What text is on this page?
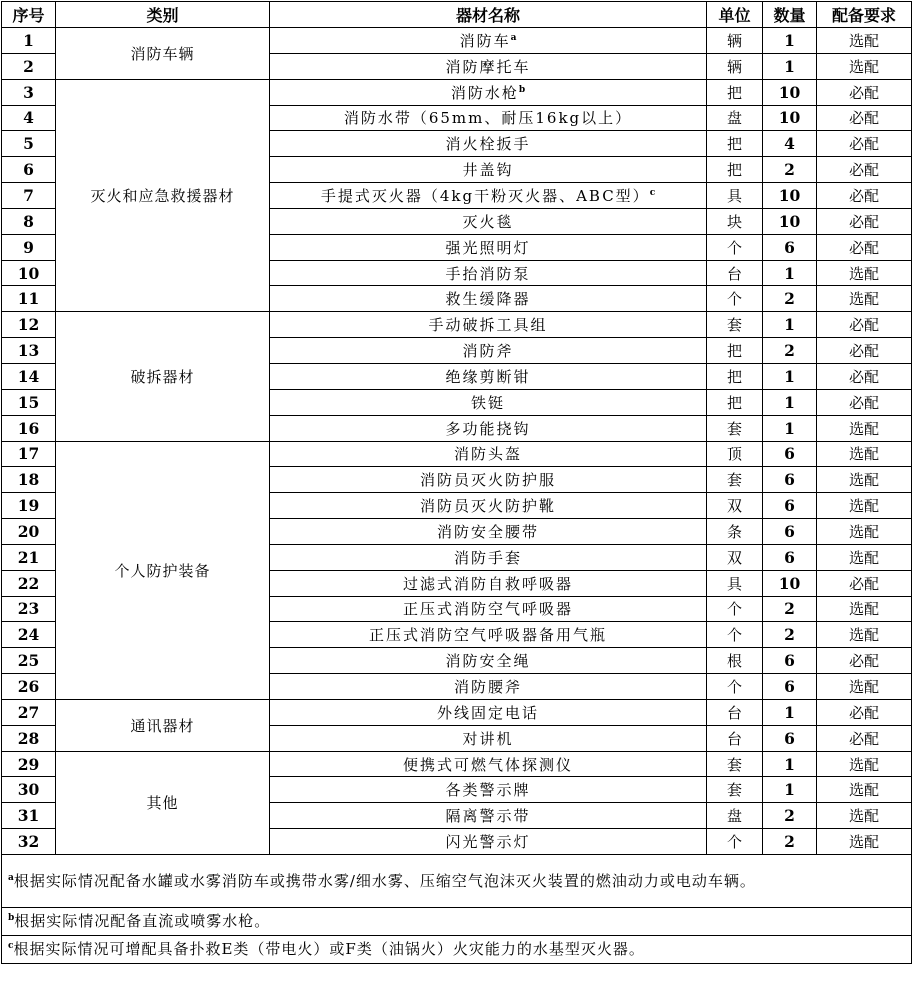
序号	类别	器材名称	单位	数量	配备要求
1	消防车辆	消防车$^a$	辆	1	选配
2		消防摩托车	辆	1	选配
3	灭火和应急救援器材	消防水枪$^b$	把	10	必配
4		消防水带（65mm、耐压16kg以上）	盘	10	必配
5		消火栓扳手	把	4	必配
6		井盖钩	把	2	必配
7		手提式灭火器（4kg干粉灭火器、ABC型）$^c$	具	10	必配
8		灭火毯	块	10	必配
9		强光照明灯	个	6	必配
10		手抬消防泵	台	1	选配
11		救生缓降器	个	2	选配
12	破拆器材	手动破拆工具组	套	1	必配
13		消防斧	把	2	必配
14		绝缘剪断钳	把	1	必配
15		铁铤	把	1	必配
16		多功能挠钩	套	1	选配
17	个人防护装备	消防头盔	顶	6	选配
18		消防员灭火防护服	套	6	选配
19		消防员灭火防护靴	双	6	选配
20		消防安全腰带	条	6	选配
21		消防手套	双	6	选配
22		过滤式消防自救呼吸器	具	10	必配
23		正压式消防空气呼吸器	个	2	选配
24		正压式消防空气呼吸器备用气瓶	个	2	选配
25		消防安全绳	根	6	必配
26		消防腰斧	个	6	选配
27	通讯器材	外线固定电话	台	1	必配
28		对讲机	台	6	必配
29	其他	便携式可燃气体探测仪	套	1	选配
30		各类警示牌	套	1	选配
31		隔离警示带	盘	2	选配
32		闪光警示灯	个	2	选配
$^a$根据实际情况配备水罐或水雾消防车或携带水雾/细水雾、压缩空气泡沫灭火装置的燃油动力或电动车辆。					
$^b$根据实际情况配备直流或喷雾水枪。					
$^c$根据实际情况可增配具备扑救E类（带电火）或F类（油锅火）火灾能力的水基型灭火器。					
